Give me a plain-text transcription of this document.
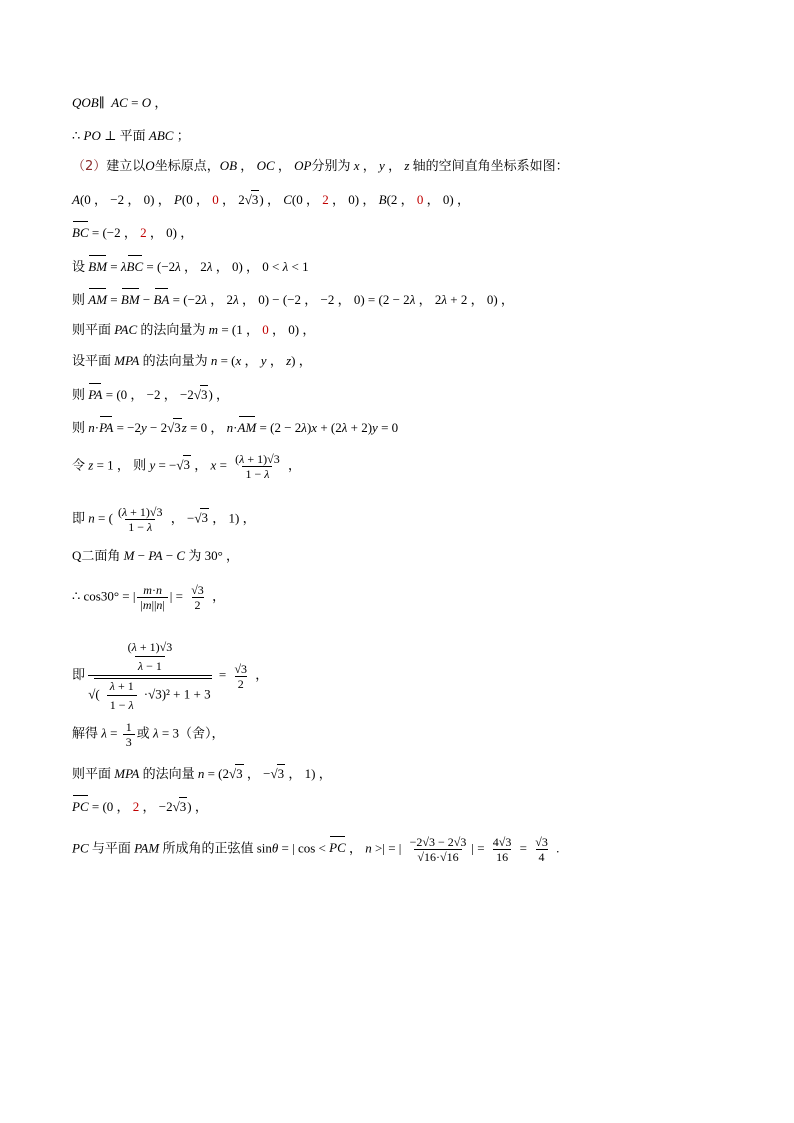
QOB∥  AC = O ，
∴ PO ⊥ 平面 ABC ；
（2）建立以O坐标原点，OB ， OC ， OP分别为 x ， y ， z 轴的空间直角坐标系如图：
A(0 ， −2 ， 0) ， P(0 ， 0 ， 2√3) ， C(0 ， 2 ， 0) ， B(2 ， 0 ， 0) ，
BC = (−2 ， 2 ， 0) ，
设 BM = λBC = (−2λ ， 2λ ， 0) ， 0 < λ < 1
则 AM = BM − BA = (−2λ ， 2λ ， 0) − (−2 ， −2 ， 0) = (2 − 2λ ， 2λ + 2 ， 0) ，
则平面 PAC 的法向量为 m = (1 ， 0 ， 0) ，
设平面 MPA 的法向量为 n = (x ， y ， z) ，
则 PA = (0 ， −2 ， −2√3) ，
则 n·PA = −2y − 2√3z = 0 ， n·AM = (2 − 2λ)x + (2λ + 2)y = 0
令 z = 1 ， 则 y = −√3 ， $x = \frac{(\lambda + 1)√3}{1 - \lambda}$ ，
即 n = ( $\frac{(\lambda + 1)√3}{1 - \lambda}$ ， −√3 ， 1) ，
Q二面角 M − PA − C 为 30° ，
∴ cos30° = | $\frac{m\cdot n}{|m||n|}$ | = $\frac{√3}{2}$ ，
即 $\frac{\frac{(\lambda + 1)√3}{\lambda - 1}}{√( \frac{\lambda + 1}{1 - \lambda} \cdot√3)^2 + 1 + 3} = \frac{√3}{2}$ ，
解得 $\lambda = \frac{1}{3}$ 或 λ = 3（舍），
则平面 MPA 的法向量 n = (2√3 ， −√3 ， 1) ，
PC = (0 ， 2 ， −2√3) ，
PC 与平面 PAM 所成角的正弦值 sinθ = | cos < PC ， n >| = | $\frac{-2√3 - 2√3}{√16\cdot√16}$ | = $\frac{4√3}{16} = \frac{√3}{4}$ .
